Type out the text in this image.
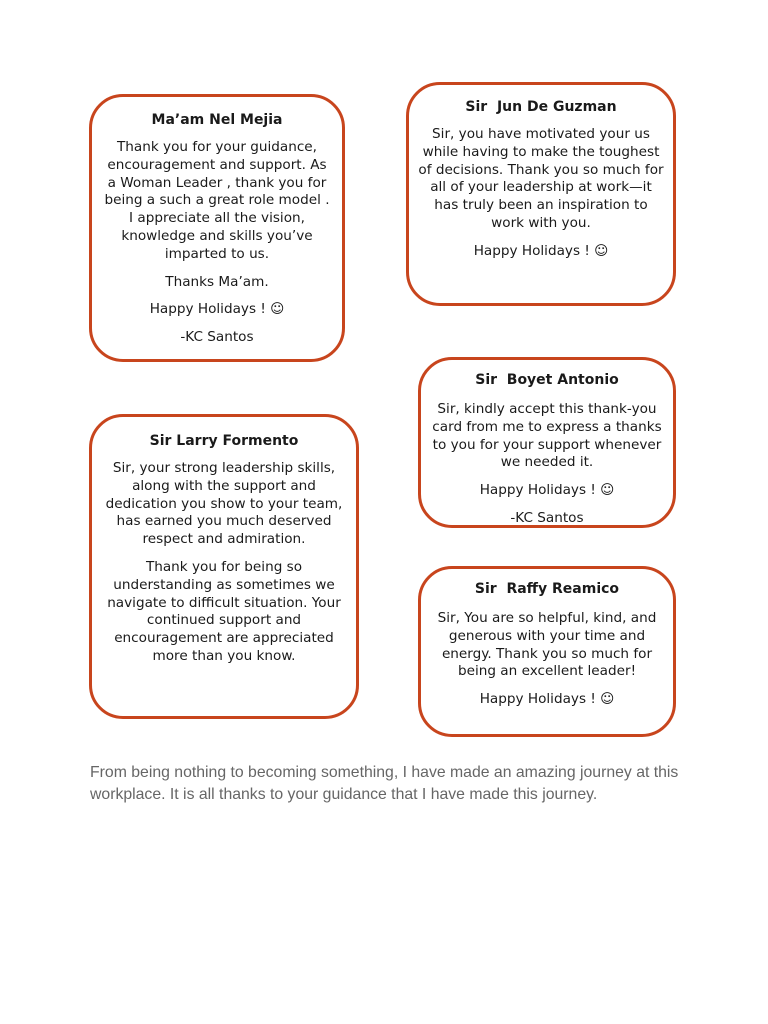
Ma’am Nel Mejia

Thank you for your guidance, encouragement and support. As a Woman Leader , thank you for being a such a great role model . I appreciate all the vision, knowledge and skills you’ve imparted to us.

Thanks Ma’am.

Happy Holidays ! ☺

-KC Santos

Sir  Jun De Guzman

Sir, you have motivated your us while having to make the toughest of decisions. Thank you so much for all of your leadership at work—it has truly been an inspiration to work with you.

Happy Holidays ! ☺

Sir  Boyet Antonio

Sir, kindly accept this thank-you card from me to express a thanks to you for your support whenever we needed it.

Happy Holidays ! ☺

-KC Santos

Sir Larry Formento

Sir, your strong leadership skills, along with the support and dedication you show to your team, has earned you much deserved respect and admiration.

Thank you for being so understanding as sometimes we navigate to difficult situation. Your continued support and encouragement are appreciated more than you know.

Sir  Raffy Reamico

Sir, You are so helpful, kind, and generous with your time and energy. Thank you so much for being an excellent leader!

Happy Holidays ! ☺

From being nothing to becoming something, I have made an amazing journey at this workplace. It is all thanks to your guidance that I have made this journey.
